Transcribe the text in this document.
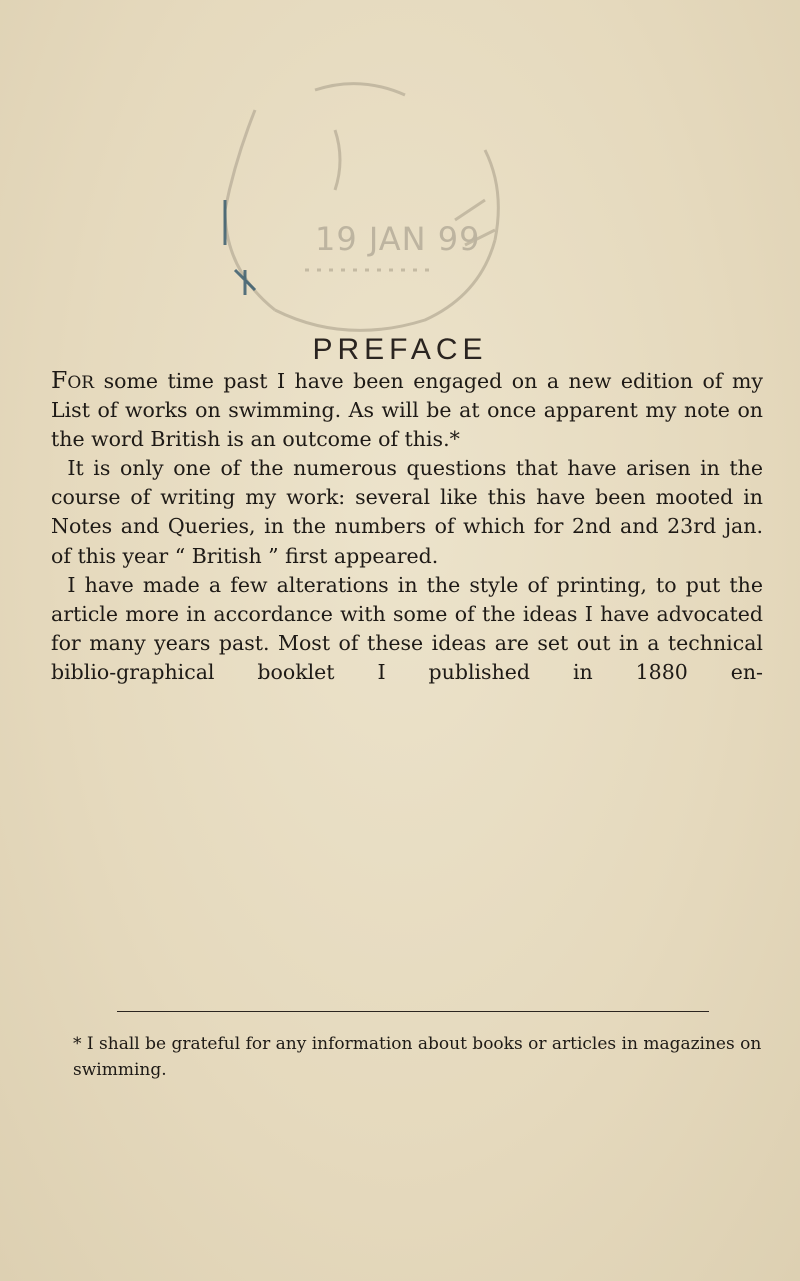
19 JAN 99
PREFACE

For some time past I have been engaged on a new edition of my List of works on swimming. As will be at once apparent my note on the word British is an outcome of this.*

It is only one of the numerous questions that have arisen in the course of writing my work: several like this have been mooted in Notes and Queries, in the numbers of which for 2nd and 23rd jan. of this year “ British ” first appeared.

I have made a few alterations in the style of printing, to put the article more in accordance with some of the ideas I have advocated for many years past. Most of these ideas are set out in a technical biblio-graphical booklet I published in 1880 en-

* I shall be grateful for any information about books or articles in magazines on swimming.
